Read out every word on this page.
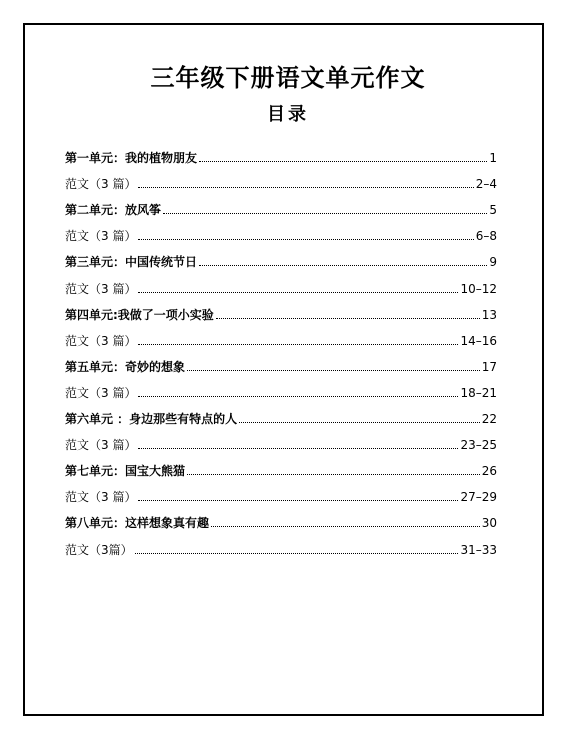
三年级下册语文单元作文
目录
第一单元：我的植物朋友	1
范文（3 篇）	2–4
第二单元：放风筝	5
范文（3 篇）	6–8
第三单元：中国传统节日	9
范文（3 篇）	10–12
第四单元:我做了一项小实验	13
范文（3 篇）	14–16
第五单元：奇妙的想象	17
范文（3 篇）	18–21
第六单元 ：身边那些有特点的人	22
范文（3 篇）	23–25
第七单元：国宝大熊猫	26
范文（3 篇）	27–29
第八单元：这样想象真有趣	30
范文（3篇）	31–33
